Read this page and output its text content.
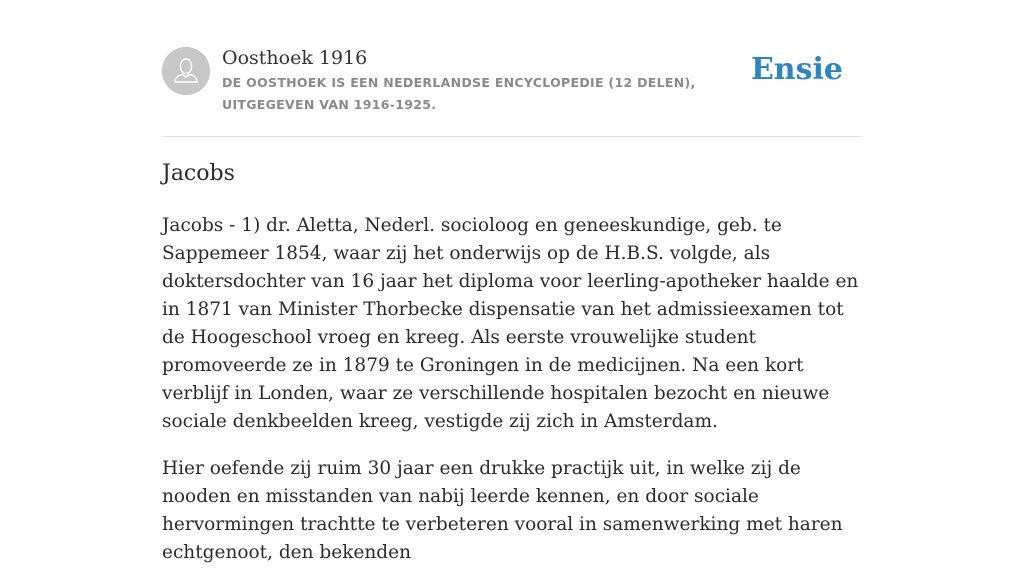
Oosthoek 1916
DE OOSTHOEK IS EEN NEDERLANDSE ENCYCLOPEDIE (12 DELEN), UITGEGEVEN VAN 1916-1925.
Ensie
Jacobs

Jacobs - 1) dr. Aletta, Nederl. socioloog en geneeskundige, geb. te Sappemeer 1854, waar zij het onderwijs op de H.B.S. volgde, als doktersdochter van 16 jaar het diploma voor leerling-apotheker haalde en in 1871 van Minister Thorbecke dispensatie van het admissieexamen tot de Hoogeschool vroeg en kreeg. Als eerste vrouwelijke student promoveerde ze in 1879 te Groningen in de medicijnen. Na een kort verblijf in Londen, waar ze verschillende hospitalen bezocht en nieuwe sociale denkbeelden kreeg, vestigde zij zich in Amsterdam.

Hier oefende zij ruim 30 jaar een drukke practijk uit, in welke zij de nooden en misstanden van nabij leerde kennen, en door sociale hervormingen trachtte te verbeteren vooral in samenwerking met haren echtgenoot, den bekenden
